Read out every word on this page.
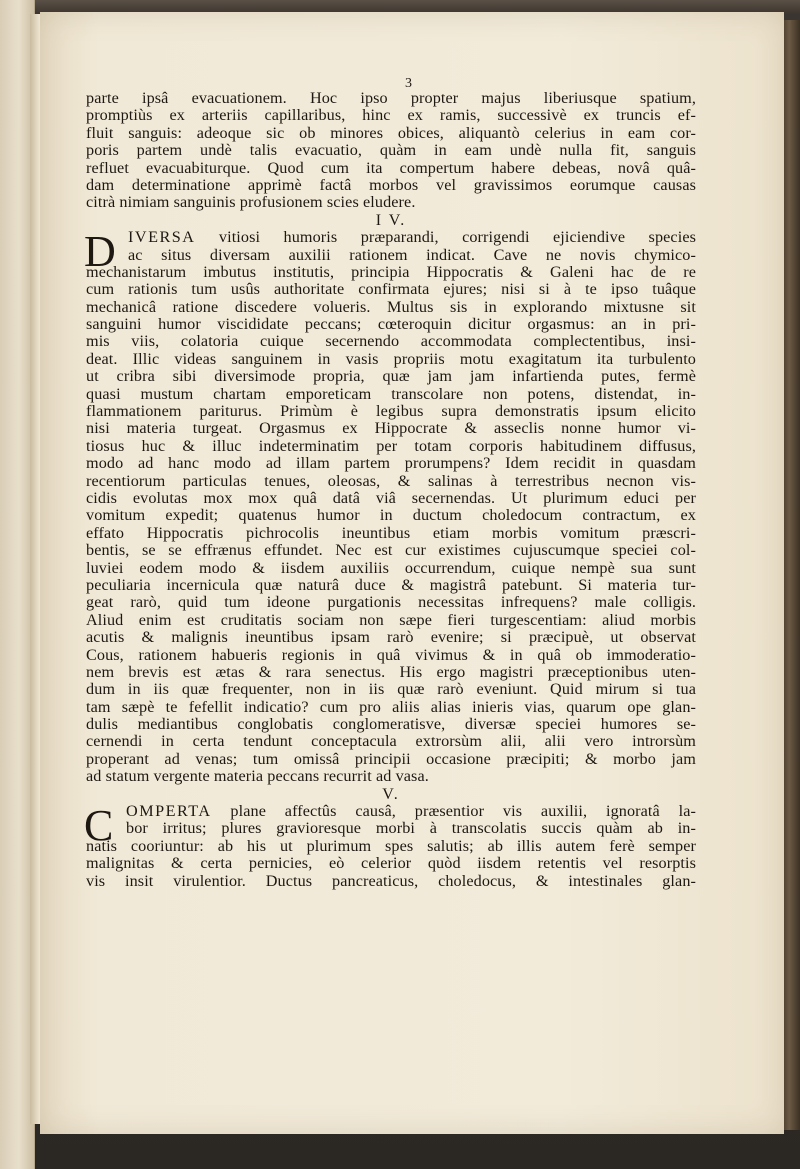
3
parte ipsâ evacuationem. Hoc ipso propter majus liberiusque spatium,
promptiùs ex arteriis capillaribus, hinc ex ramis, successivè ex truncis ef-
fluit sanguis: adeoque sic ob minores obices, aliquantò celerius in eam cor-
poris partem undè talis evacuatio, quàm in eam undè nulla fit, sanguis
refluet evacuabiturque. Quod cum ita compertum habere debeas, novâ quâ-
dam determinatione apprimè factâ morbos vel gravissimos eorumque causas
citrà nimiam sanguinis profusionem scies eludere.
I V.
D IVERSA vitiosi humoris præparandi, corrigendi ejiciendive species
ac situs diversam auxilii rationem indicat. Cave ne novis chymico-
mechanistarum imbutus institutis, principia Hippocratis & Galeni hac de re
cum rationis tum usûs authoritate confirmata ejures; nisi si à te ipso tuâque
mechanicâ ratione discedere volueris. Multus sis in explorando mixtusne sit
sanguini humor viscididate peccans; cœteroquin dicitur orgasmus: an in pri-
mis viis, colatoria cuique secernendo accommodata complectentibus, insi-
deat. Illic videas sanguinem in vasis propriis motu exagitatum ita turbulento
ut cribra sibi diversimode propria, quæ jam jam infartienda putes, fermè
quasi mustum chartam emporeticam transcolare non potens, distendat, in-
flammationem pariturus. Primùm è legibus supra demonstratis ipsum elicito
nisi materia turgeat. Orgasmus ex Hippocrate & asseclis nonne humor vi-
tiosus huc & illuc indeterminatim per totam corporis habitudinem diffusus,
modo ad hanc modo ad illam partem prorumpens? Idem recidit in quasdam
recentiorum particulas tenues, oleosas, & salinas à terrestribus necnon vis-
cidis evolutas mox mox quâ datâ viâ secernendas. Ut plurimum educi per
vomitum expedit; quatenus humor in ductum choledocum contractum, ex
effato Hippocratis pichrocolis ineuntibus etiam morbis vomitum præscri-
bentis, se se effrænus effundet. Nec est cur existimes cujuscumque speciei col-
luviei eodem modo & iisdem auxiliis occurrendum, cuique nempè sua sunt
peculiaria incernicula quæ naturâ duce & magistrâ patebunt. Si materia tur-
geat rarò, quid tum ideone purgationis necessitas infrequens? male colligis.
Aliud enim est cruditatis sociam non sæpe fieri turgescentiam: aliud morbis
acutis & malignis ineuntibus ipsam rarò evenire; si præcipuè, ut observat
Cous, rationem habueris regionis in quâ vivimus & in quâ ob immoderatio-
nem brevis est ætas & rara senectus. His ergo magistri præceptionibus uten-
dum in iis quæ frequenter, non in iis quæ rarò eveniunt. Quid mirum si tua
tam sæpè te fefellit indicatio? cum pro aliis alias inieris vias, quarum ope glan-
dulis mediantibus conglobatis conglomeratisve, diversæ speciei humores se-
cernendi in certa tendunt conceptacula extrorsùm alii, alii vero introrsùm
properant ad venas; tum omissâ principii occasione præcipiti; & morbo jam
ad statum vergente materia peccans recurrit ad vasa.
V.
C OMPERTA plane affectûs causâ, præsentior vis auxilii, ignoratâ la-
bor irritus; plures gravioresque morbi à transcolatis succis quàm ab in-
natis cooriuntur: ab his ut plurimum spes salutis; ab illis autem ferè semper
malignitas & certa pernicies, eò celerior quòd iisdem retentis vel resorptis
vis insit virulentior. Ductus pancreaticus, choledocus, & intestinales glan-
